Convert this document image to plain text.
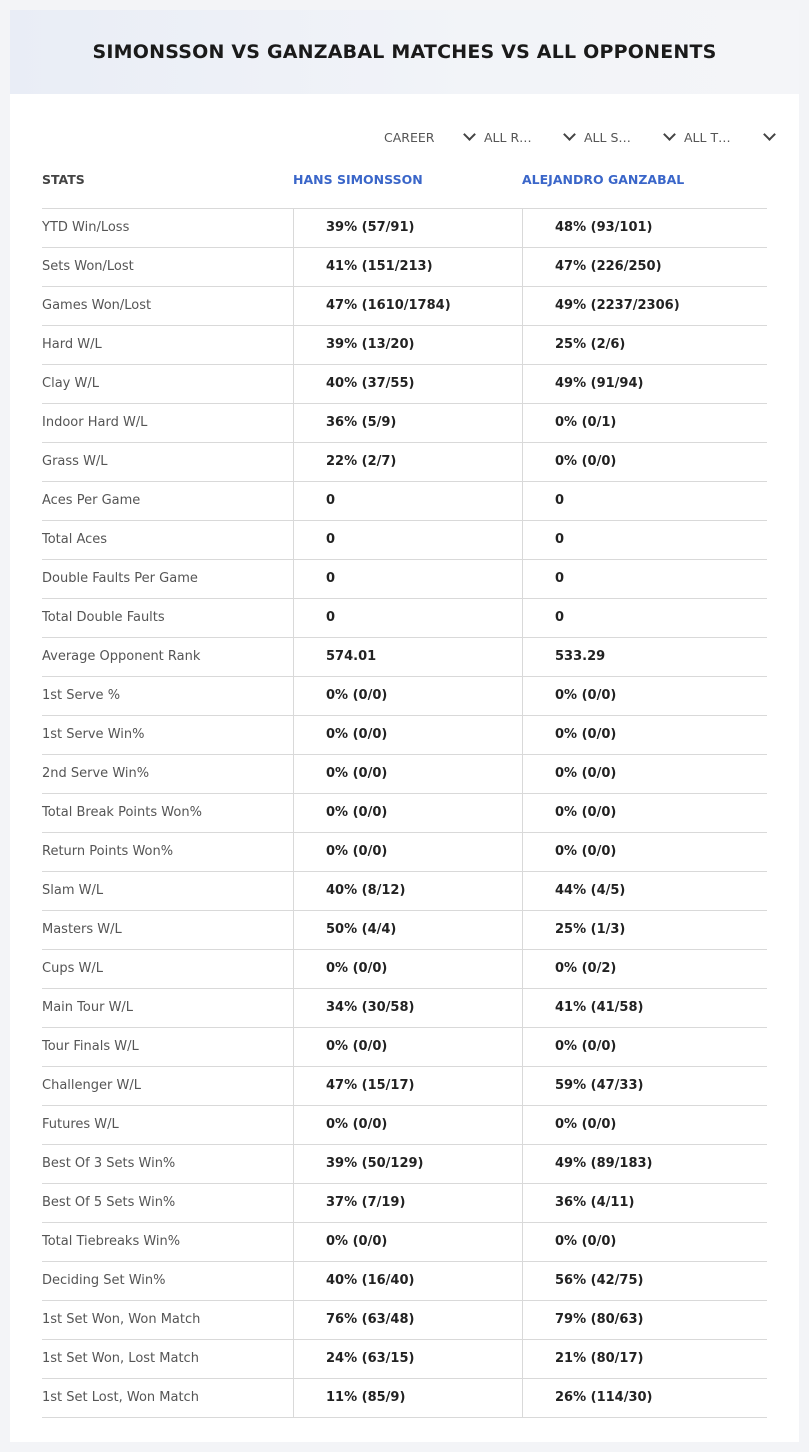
SIMONSSON VS GANZABAL MATCHES VS ALL OPPONENTS
CAREER	ALL R…	ALL S…	ALL T…
STATS	HANS SIMONSSON	ALEJANDRO GANZABAL
YTD Win/Loss	39% (57/91)	48% (93/101)
Sets Won/Lost	41% (151/213)	47% (226/250)
Games Won/Lost	47% (1610/1784)	49% (2237/2306)
Hard W/L	39% (13/20)	25% (2/6)
Clay W/L	40% (37/55)	49% (91/94)
Indoor Hard W/L	36% (5/9)	0% (0/1)
Grass W/L	22% (2/7)	0% (0/0)
Aces Per Game	0	0
Total Aces	0	0
Double Faults Per Game	0	0
Total Double Faults	0	0
Average Opponent Rank	574.01	533.29
1st Serve %	0% (0/0)	0% (0/0)
1st Serve Win%	0% (0/0)	0% (0/0)
2nd Serve Win%	0% (0/0)	0% (0/0)
Total Break Points Won%	0% (0/0)	0% (0/0)
Return Points Won%	0% (0/0)	0% (0/0)
Slam W/L	40% (8/12)	44% (4/5)
Masters W/L	50% (4/4)	25% (1/3)
Cups W/L	0% (0/0)	0% (0/2)
Main Tour W/L	34% (30/58)	41% (41/58)
Tour Finals W/L	0% (0/0)	0% (0/0)
Challenger W/L	47% (15/17)	59% (47/33)
Futures W/L	0% (0/0)	0% (0/0)
Best Of 3 Sets Win%	39% (50/129)	49% (89/183)
Best Of 5 Sets Win%	37% (7/19)	36% (4/11)
Total Tiebreaks Win%	0% (0/0)	0% (0/0)
Deciding Set Win%	40% (16/40)	56% (42/75)
1st Set Won, Won Match	76% (63/48)	79% (80/63)
1st Set Won, Lost Match	24% (63/15)	21% (80/17)
1st Set Lost, Won Match	11% (85/9)	26% (114/30)
